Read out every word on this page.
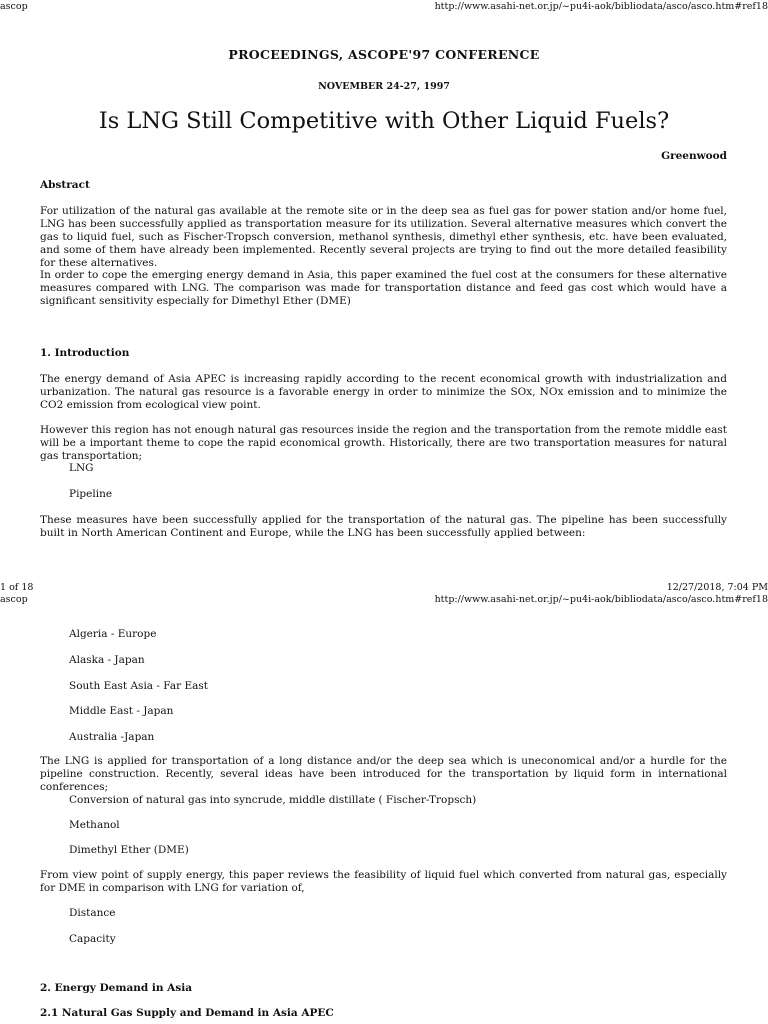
ascop	http://www.asahi-net.or.jp/~pu4i-aok/bibliodata/asco/asco.htm#ref18
PROCEEDINGS, ASCOPE'97 CONFERENCE
NOVEMBER 24-27, 1997
Is LNG Still Competitive with Other Liquid Fuels?
Greenwood
Abstract

For utilization of the natural gas available at the remote site or in the deep sea as fuel gas for power station and/or home fuel, LNG has been successfully applied as transportation measure for its utilization. Several alternative measures which convert the gas to liquid fuel, such as Fischer-Tropsch conversion, methanol synthesis, dimethyl ether synthesis, etc. have been evaluated, and some of them have already been implemented. Recently several projects are trying to find out the more detailed feasibility for these alternatives.

In order to cope the emerging energy demand in Asia, this paper examined the fuel cost at the consumers for these alternative measures compared with LNG. The comparison was made for transportation distance and feed gas cost which would have a significant sensitivity especially for Dimethyl Ether (DME)

1. Introduction

The energy demand of Asia APEC is increasing rapidly according to the recent economical growth with industrialization and urbanization. The natural gas resource is a favorable energy in order to minimize the SOx, NOx emission and to minimize the CO2 emission from ecological view point.

However this region has not enough natural gas resources inside the region and the transportation from the remote middle east will be a important theme to cope the rapid economical growth. Historically, there are two transportation measures for natural gas transportation;

LNG
Pipeline

These measures have been successfully applied for the transportation of the natural gas. The pipeline has been successfully built in North American Continent and Europe, while the LNG has been successfully applied between:

1 of 18	12/27/2018, 7:04 PM
ascop	http://www.asahi-net.or.jp/~pu4i-aok/bibliodata/asco/asco.htm#ref18
Algeria - Europe
Alaska - Japan
South East Asia - Far East
Middle East - Japan
Australia -Japan

The LNG is applied for transportation of a long distance and/or the deep sea which is uneconomical and/or a hurdle for the pipeline construction. Recently, several ideas have been introduced for the transportation by liquid form in international conferences;

Conversion of natural gas into syncrude, middle distillate ( Fischer-Tropsch)
Methanol
Dimethyl Ether (DME)

From view point of supply energy, this paper reviews the feasibility of liquid fuel which converted from natural gas, especially for DME in comparison with LNG for variation of,

Distance
Capacity
2. Energy Demand in Asia
2.1 Natural Gas Supply and Demand in Asia APEC
